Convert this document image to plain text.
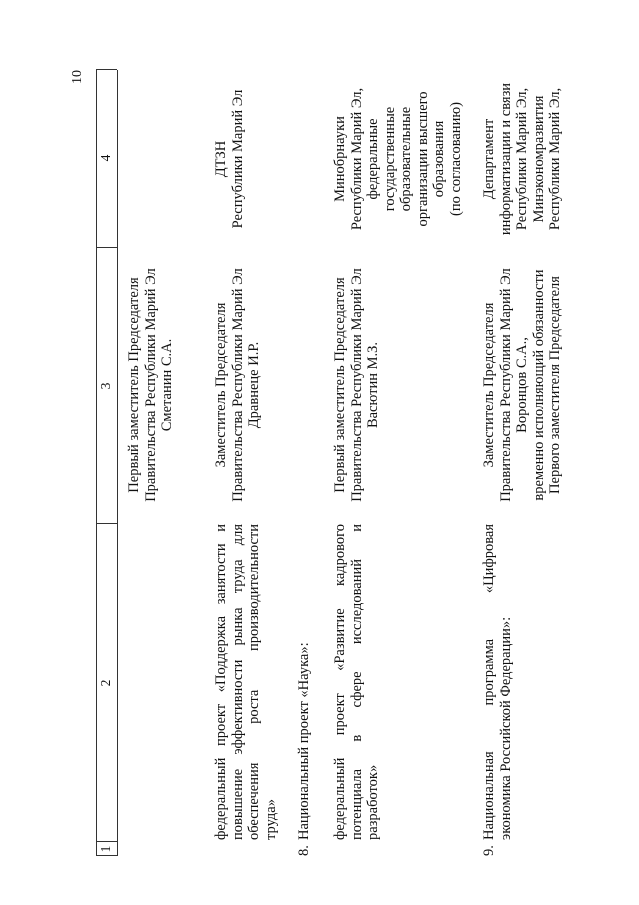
10
1
2
3
4
Первый заместитель Председателя Правительства Республики Марий Эл Сметанин С.А.
федеральный проект «Поддержка занятости и повышение эффективности рынка труда для обеспечения роста производительности труда»
Заместитель Председателя Правительства Республики Марий Эл Дравнеце И.Р.
ДТЗН Республики Марий Эл
8.
Национальный проект «Наука»: федеральный проект «Развитие кадрового потенциала в сфере исследований и разработок»
Первый заместитель Председателя Правительства Республики Марий Эл Васютин М.З.
Минобрнауки Республики Марий Эл, федеральные государственные образовательные организации высшего образования (по согласованию)
9.
Национальная программа «Цифровая экономика Российской Федерации»:
Заместитель Председателя Правительства Республики Марий Эл Воронцов С.А., временно исполняющий обязанности Первого заместителя Председателя
Департамент информатизации и связи Республики Марий Эл, Минэкономразвития Республики Марий Эл,
